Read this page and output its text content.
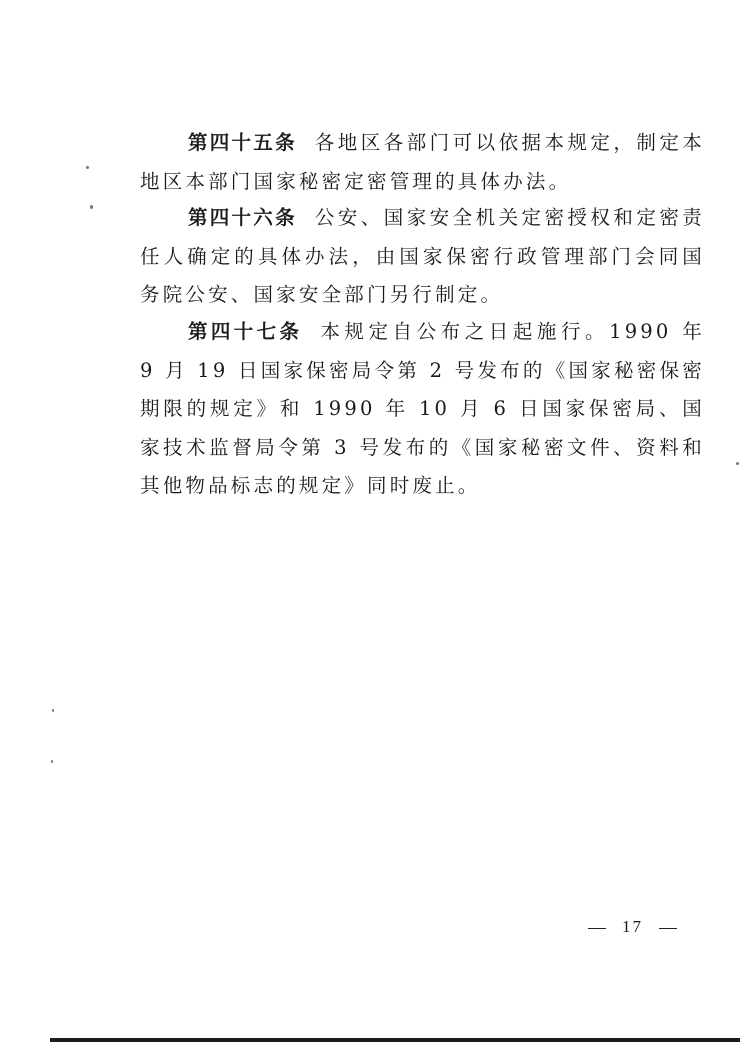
第四十五条 各地区各部门可以依据本规定，制定本地区本部门国家秘密定密管理的具体办法。

第四十六条 公安、国家安全机关定密授权和定密责任人确定的具体办法，由国家保密行政管理部门会同国务院公安、国家安全部门另行制定。

第四十七条 本规定自公布之日起施行。1990 年 9 月 19 日国家保密局令第 2 号发布的《国家秘密保密期限的规定》和 1990 年 10 月 6 日国家保密局、国家技术监督局令第 3 号发布的《国家秘密文件、资料和其他物品标志的规定》同时废止。

17
